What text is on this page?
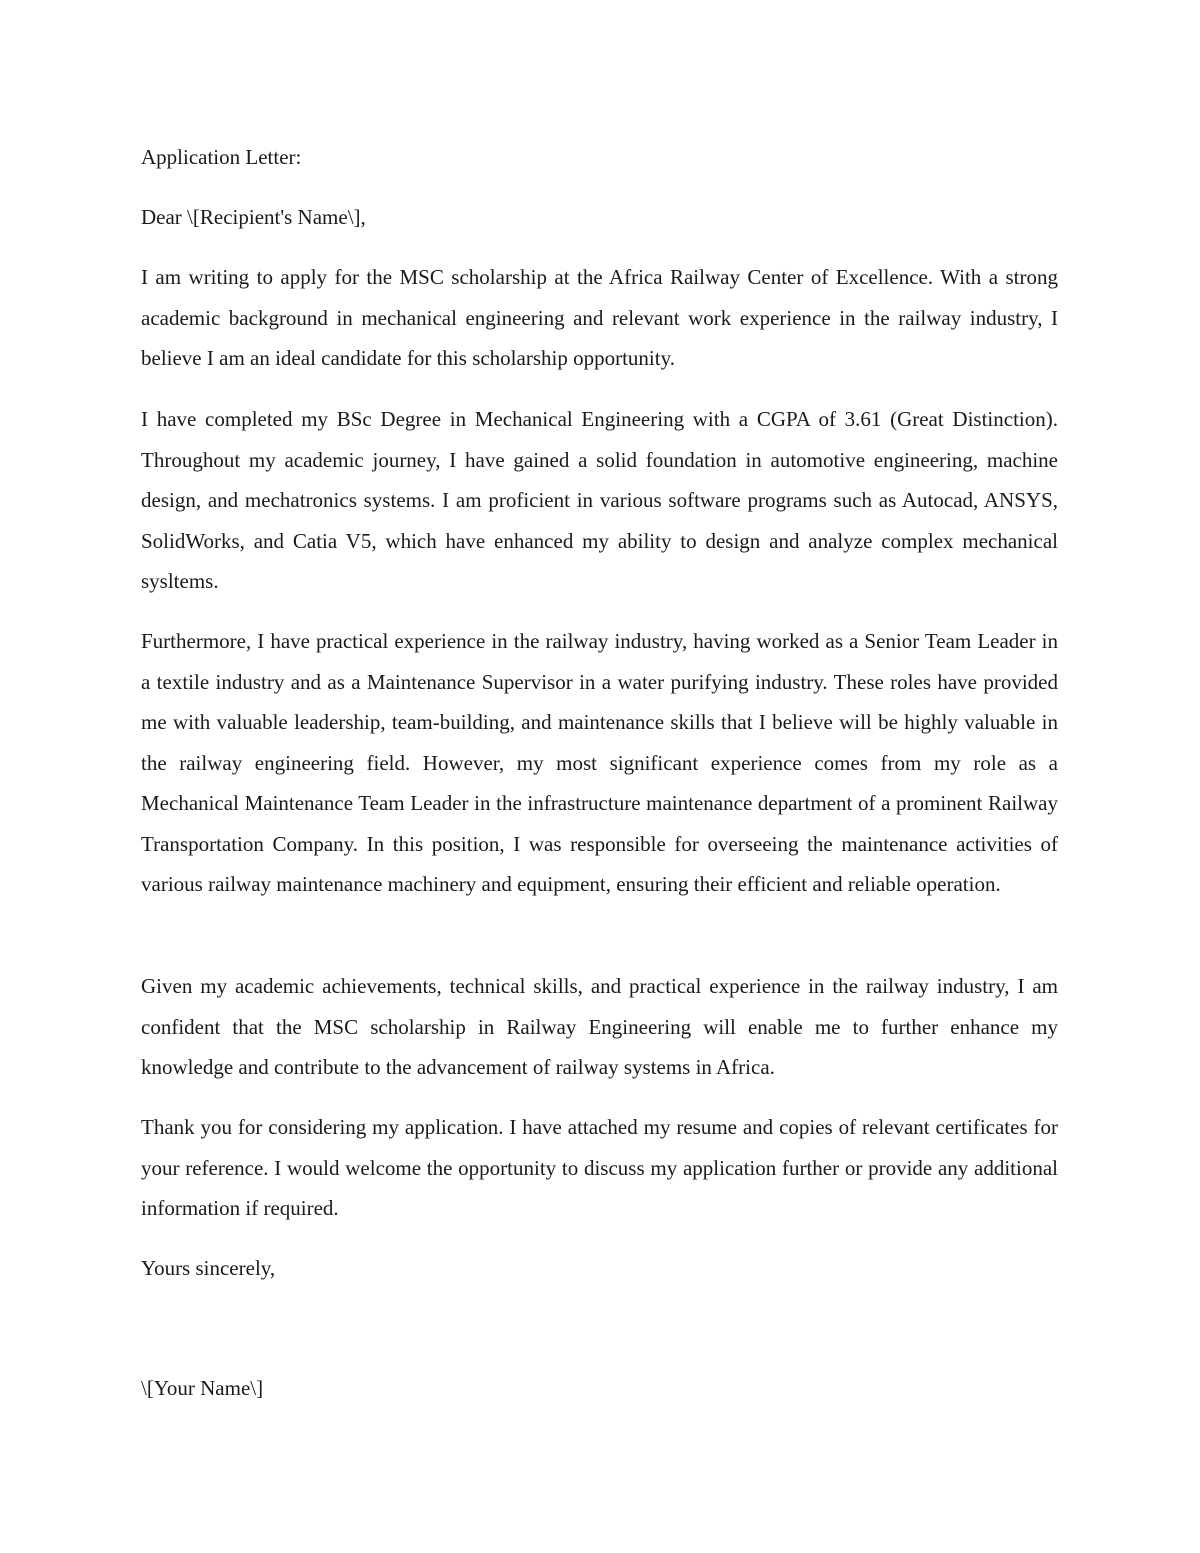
Application Letter:

Dear \[Recipient's Name\],

I am writing to apply for the MSC scholarship at the Africa Railway Center of Excellence. With a strong academic background in mechanical engineering and relevant work experience in the railway industry, I believe I am an ideal candidate for this scholarship opportunity.

I have completed my BSc Degree in Mechanical Engineering with a CGPA of 3.61 (Great Distinction). Throughout my academic journey, I have gained a solid foundation in automotive engineering, machine design, and mechatronics systems. I am proficient in various software programs such as Autocad, ANSYS, SolidWorks, and Catia V5, which have enhanced my ability to design and analyze complex mechanical sysltems.

Furthermore, I have practical experience in the railway industry, having worked as a Senior Team Leader in a textile industry and as a Maintenance Supervisor in a water purifying industry. These roles have provided me with valuable leadership, team-building, and maintenance skills that I believe will be highly valuable in the railway engineering field. However, my most significant experience comes from my role as a Mechanical Maintenance Team Leader in the infrastructure maintenance department of a prominent Railway Transportation Company. In this position, I was responsible for overseeing the maintenance activities of various railway maintenance machinery and equipment, ensuring their efficient and reliable operation.

Given my academic achievements, technical skills, and practical experience in the railway industry, I am confident that the MSC scholarship in Railway Engineering will enable me to further enhance my knowledge and contribute to the advancement of railway systems in Africa.

Thank you for considering my application. I have attached my resume and copies of relevant certificates for your reference. I would welcome the opportunity to discuss my application further or provide any additional information if required.

Yours sincerely,

\[Your Name\]
